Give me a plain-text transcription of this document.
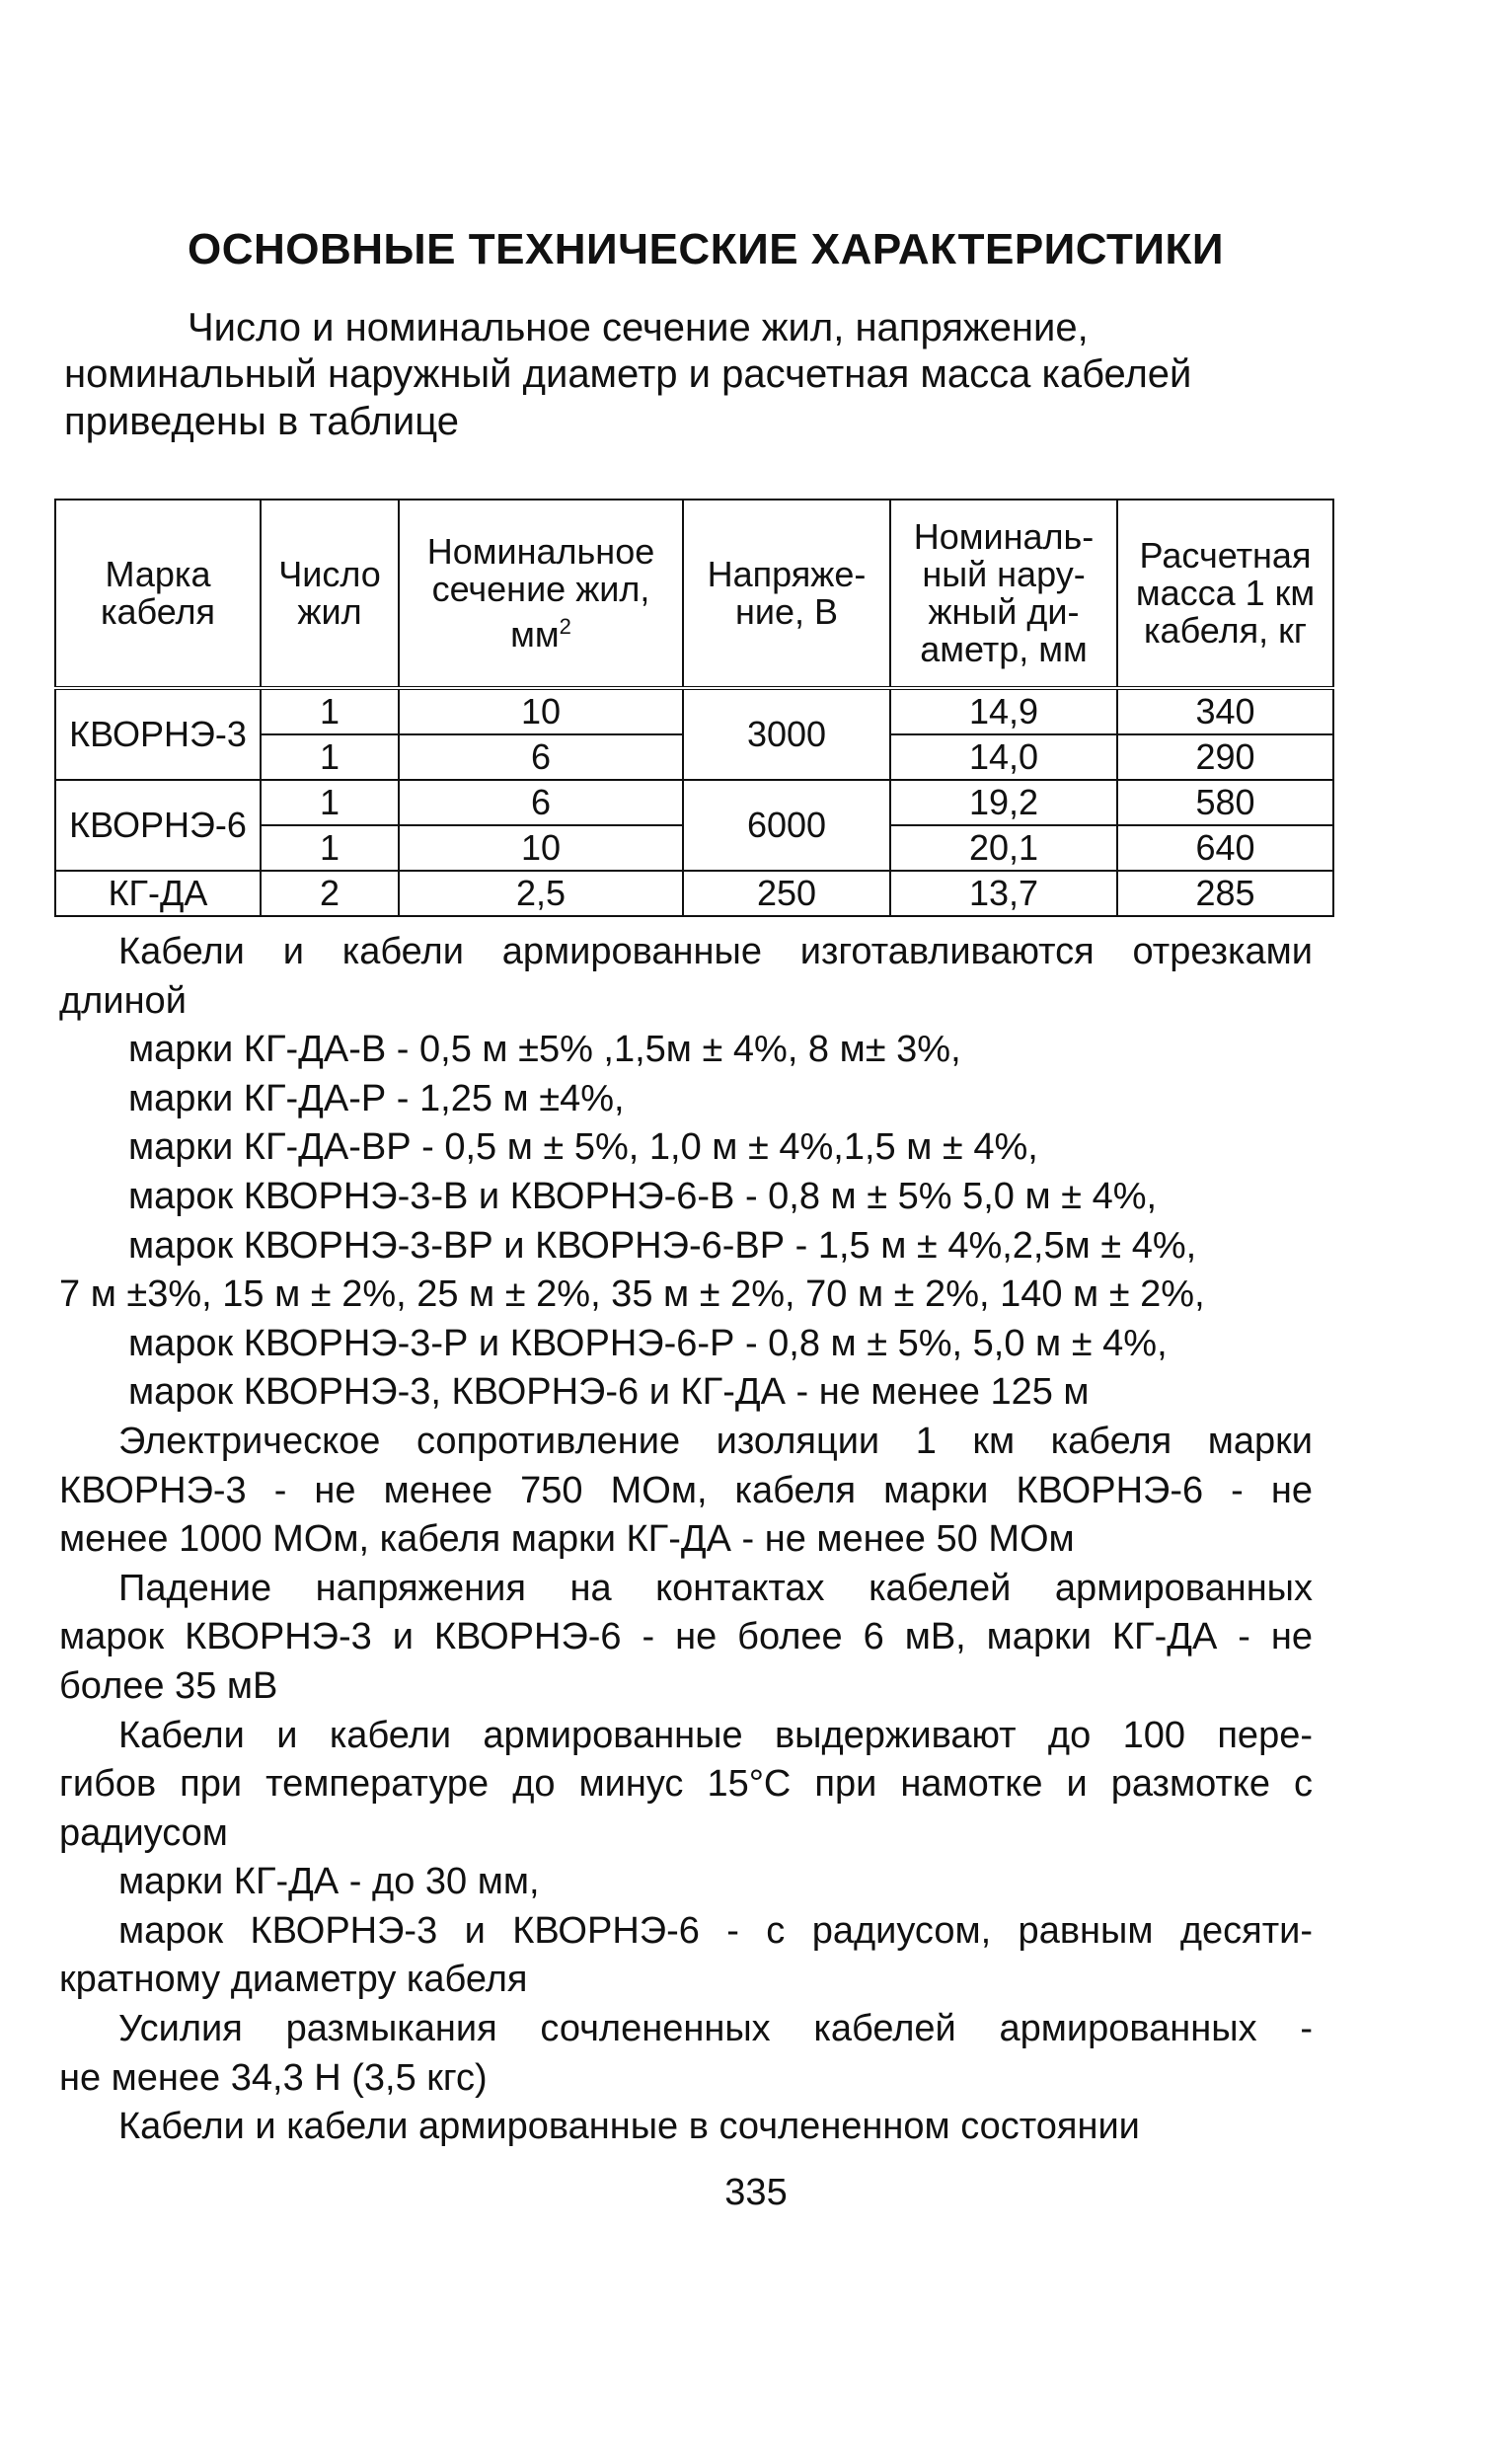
ОСНОВНЫЕ ТЕХНИЧЕСКИЕ ХАРАКТЕРИСТИКИ
Число и номинальное сечение жил, напряжение,
номинальный наружный диаметр и расчетная масса кабелей
приведены в таблице
Марка кабеля	Число жил	Номинальное сечение жил, $мм^2$	Напряже-ние, В	Номиналь-ный нару-жный ди-аметр, мм	Расчетная масса 1 км кабеля, кг
КВОРНЭ-3	1	10	3000	14,9	340
	1	6		14,0	290
КВОРНЭ-6	1	6	6000	19,2	580
	1	10		20,1	640
КГ-ДА	2	2,5	250	13,7	285

Кабели и кабели армированные изготавливаются отрезками

длиной

марки КГ-ДА-В - 0,5 м ±5% ,1,5м ± 4%, 8 м± 3%,

марки КГ-ДА-Р - 1,25 м ±4%,

марки КГ-ДА-ВР - 0,5 м ± 5%, 1,0 м ± 4%,1,5 м ± 4%,

марок КВОРНЭ-3-В и КВОРНЭ-6-В - 0,8 м ± 5% 5,0 м ± 4%,

марок КВОРНЭ-3-ВР и КВОРНЭ-6-ВР - 1,5 м ± 4%,2,5м ± 4%,

7 м ±3%, 15 м ± 2%, 25 м ± 2%, 35 м ± 2%, 70 м ± 2%, 140 м ± 2%,

марок КВОРНЭ-3-Р и КВОРНЭ-6-Р - 0,8 м ± 5%, 5,0 м ± 4%,

марок КВОРНЭ-3, КВОРНЭ-6 и КГ-ДА - не менее 125 м

Электрическое сопротивление изоляции 1 км кабеля марки

КВОРНЭ-3 - не менее 750 МОм, кабеля марки КВОРНЭ-6 - не

менее 1000 МОм, кабеля марки КГ-ДА - не менее 50 МОм

Падение напряжения на контактах кабелей армированных

марок КВОРНЭ-3 и КВОРНЭ-6 - не более 6 мВ, марки КГ-ДА - не

более 35 мВ

Кабели и кабели армированные выдерживают до 100 пере-

гибов при температуре до минус 15°С при намотке и размотке с

радиусом

марки КГ-ДА - до 30 мм,

марок КВОРНЭ-3 и КВОРНЭ-6 - с радиусом, равным десяти-

кратному диаметру кабеля

Усилия размыкания сочлененных кабелей армированных -

не менее 34,3 Н (3,5 кгс)

Кабели и кабели армированные в сочлененном состоянии

335
